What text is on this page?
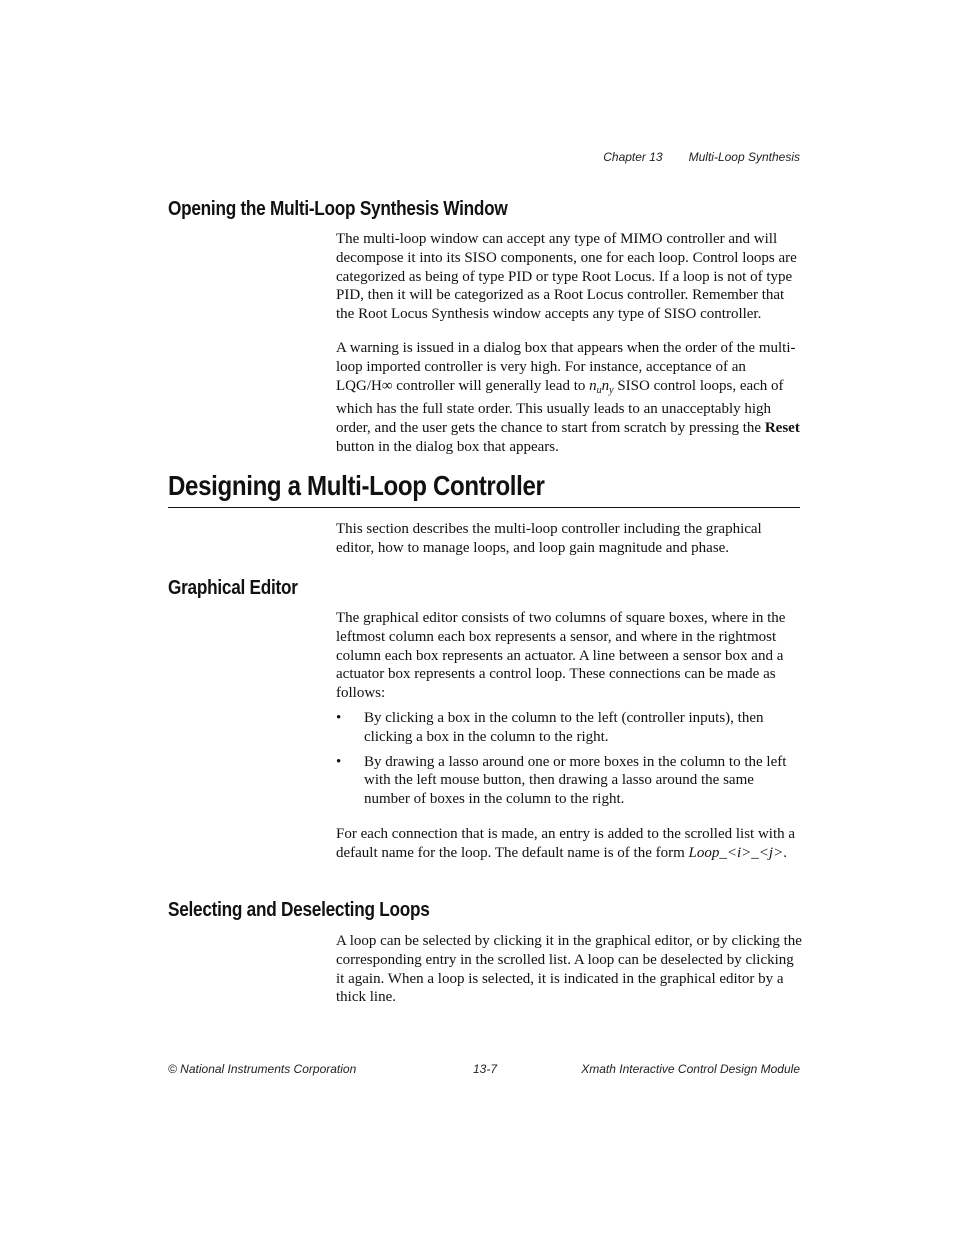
Chapter 13 Multi-Loop Synthesis
Opening the Multi-Loop Synthesis Window

The multi-loop window can accept any type of MIMO controller and will decompose it into its SISO components, one for each loop. Control loops are categorized as being of type PID or type Root Locus. If a loop is not of type PID, then it will be categorized as a Root Locus controller. Remember that the Root Locus Synthesis window accepts any type of SISO controller.

A warning is issued in a dialog box that appears when the order of the multi-loop imported controller is very high. For instance, acceptance of an LQG/H∞ controller will generally lead to $n_un_y$ SISO control loops, each of which has the full state order. This usually leads to an unacceptably high order, and the user gets the chance to start from scratch by pressing the Reset button in the dialog box that appears.

Designing a Multi-Loop Controller

This section describes the multi-loop controller including the graphical editor, how to manage loops, and loop gain magnitude and phase.

Graphical Editor

The graphical editor consists of two columns of square boxes, where in the leftmost column each box represents a sensor, and where in the rightmost column each box represents an actuator. A line between a sensor box and a actuator box represents a control loop. These connections can be made as follows:

• By clicking a box in the column to the left (controller inputs), then clicking a box in the column to the right.
• By drawing a lasso around one or more boxes in the column to the left with the left mouse button, then drawing a lasso around the same number of boxes in the column to the right.

For each connection that is made, an entry is added to the scrolled list with a default name for the loop. The default name is of the form Loop_<i>_<j>.

Selecting and Deselecting Loops

A loop can be selected by clicking it in the graphical editor, or by clicking the corresponding entry in the scrolled list. A loop can be deselected by clicking it again. When a loop is selected, it is indicated in the graphical editor by a thick line.

© National Instruments Corporation	13-7	Xmath Interactive Control Design Module
